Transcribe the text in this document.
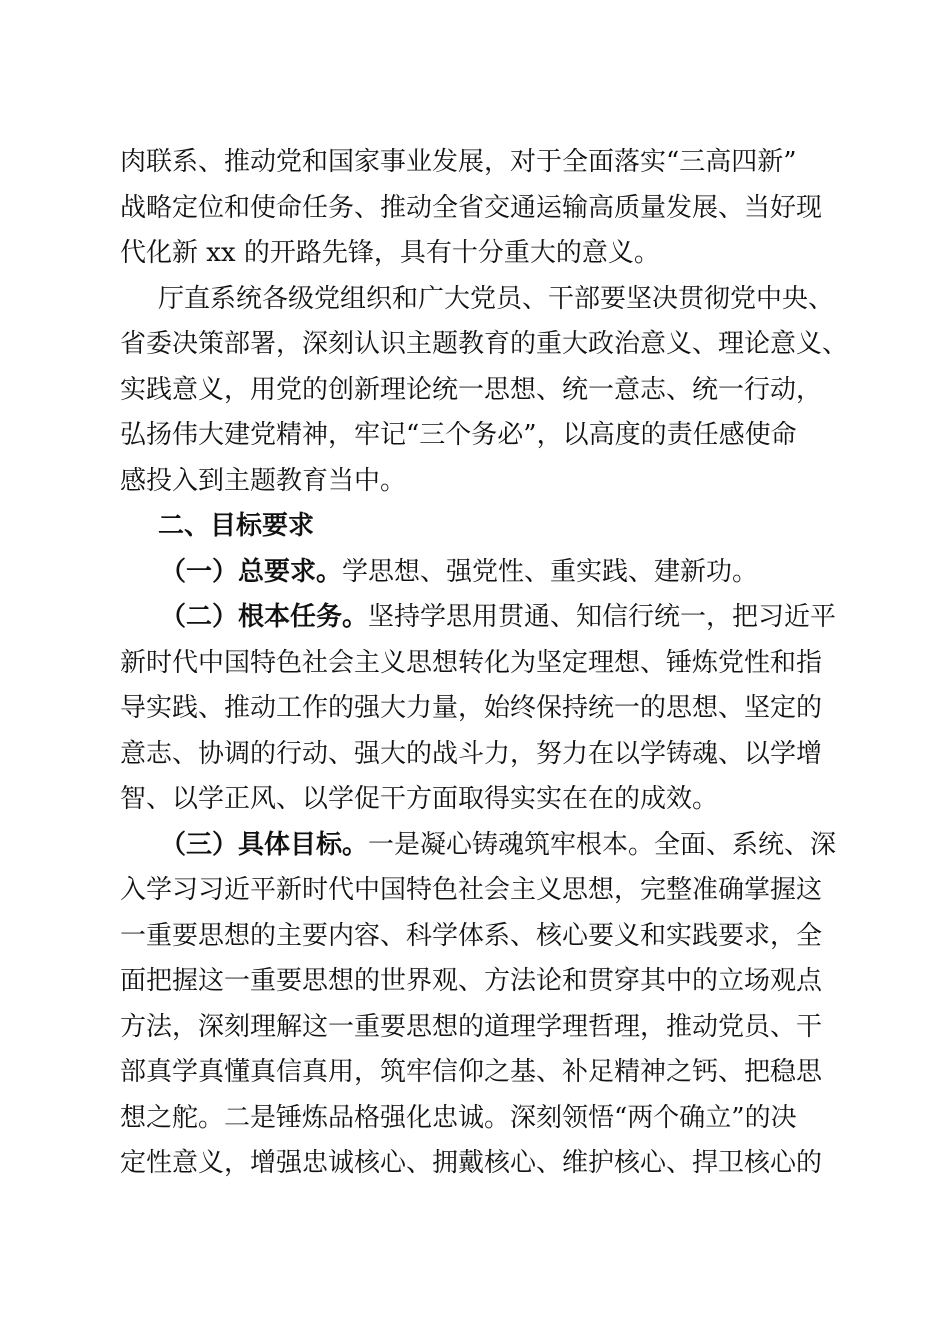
肉联系、推动党和国家事业发展，对于全面落实“三高四新”
战略定位和使命任务、推动全省交通运输高质量发展、当好现
代化新 xx 的开路先锋，具有十分重大的意义。
厅直系统各级党组织和广大党员、干部要坚决贯彻党中央、
省委决策部署，深刻认识主题教育的重大政治意义、理论意义、
实践意义，用党的创新理论统一思想、统一意志、统一行动，
弘扬伟大建党精神，牢记“三个务必”，以高度的责任感使命
感投入到主题教育当中。
二、目标要求
（一）总要求。学思想、强党性、重实践、建新功。
（二）根本任务。坚持学思用贯通、知信行统一，把习近平
新时代中国特色社会主义思想转化为坚定理想、锤炼党性和指
导实践、推动工作的强大力量，始终保持统一的思想、坚定的
意志、协调的行动、强大的战斗力，努力在以学铸魂、以学增
智、以学正风、以学促干方面取得实实在在的成效。
（三）具体目标。一是凝心铸魂筑牢根本。全面、系统、深
入学习习近平新时代中国特色社会主义思想，完整准确掌握这
一重要思想的主要内容、科学体系、核心要义和实践要求，全
面把握这一重要思想的世界观、方法论和贯穿其中的立场观点
方法，深刻理解这一重要思想的道理学理哲理，推动党员、干
部真学真懂真信真用，筑牢信仰之基、补足精神之钙、把稳思
想之舵。二是锤炼品格强化忠诚。深刻领悟“两个确立”的决
定性意义，增强忠诚核心、拥戴核心、维护核心、捍卫核心的
